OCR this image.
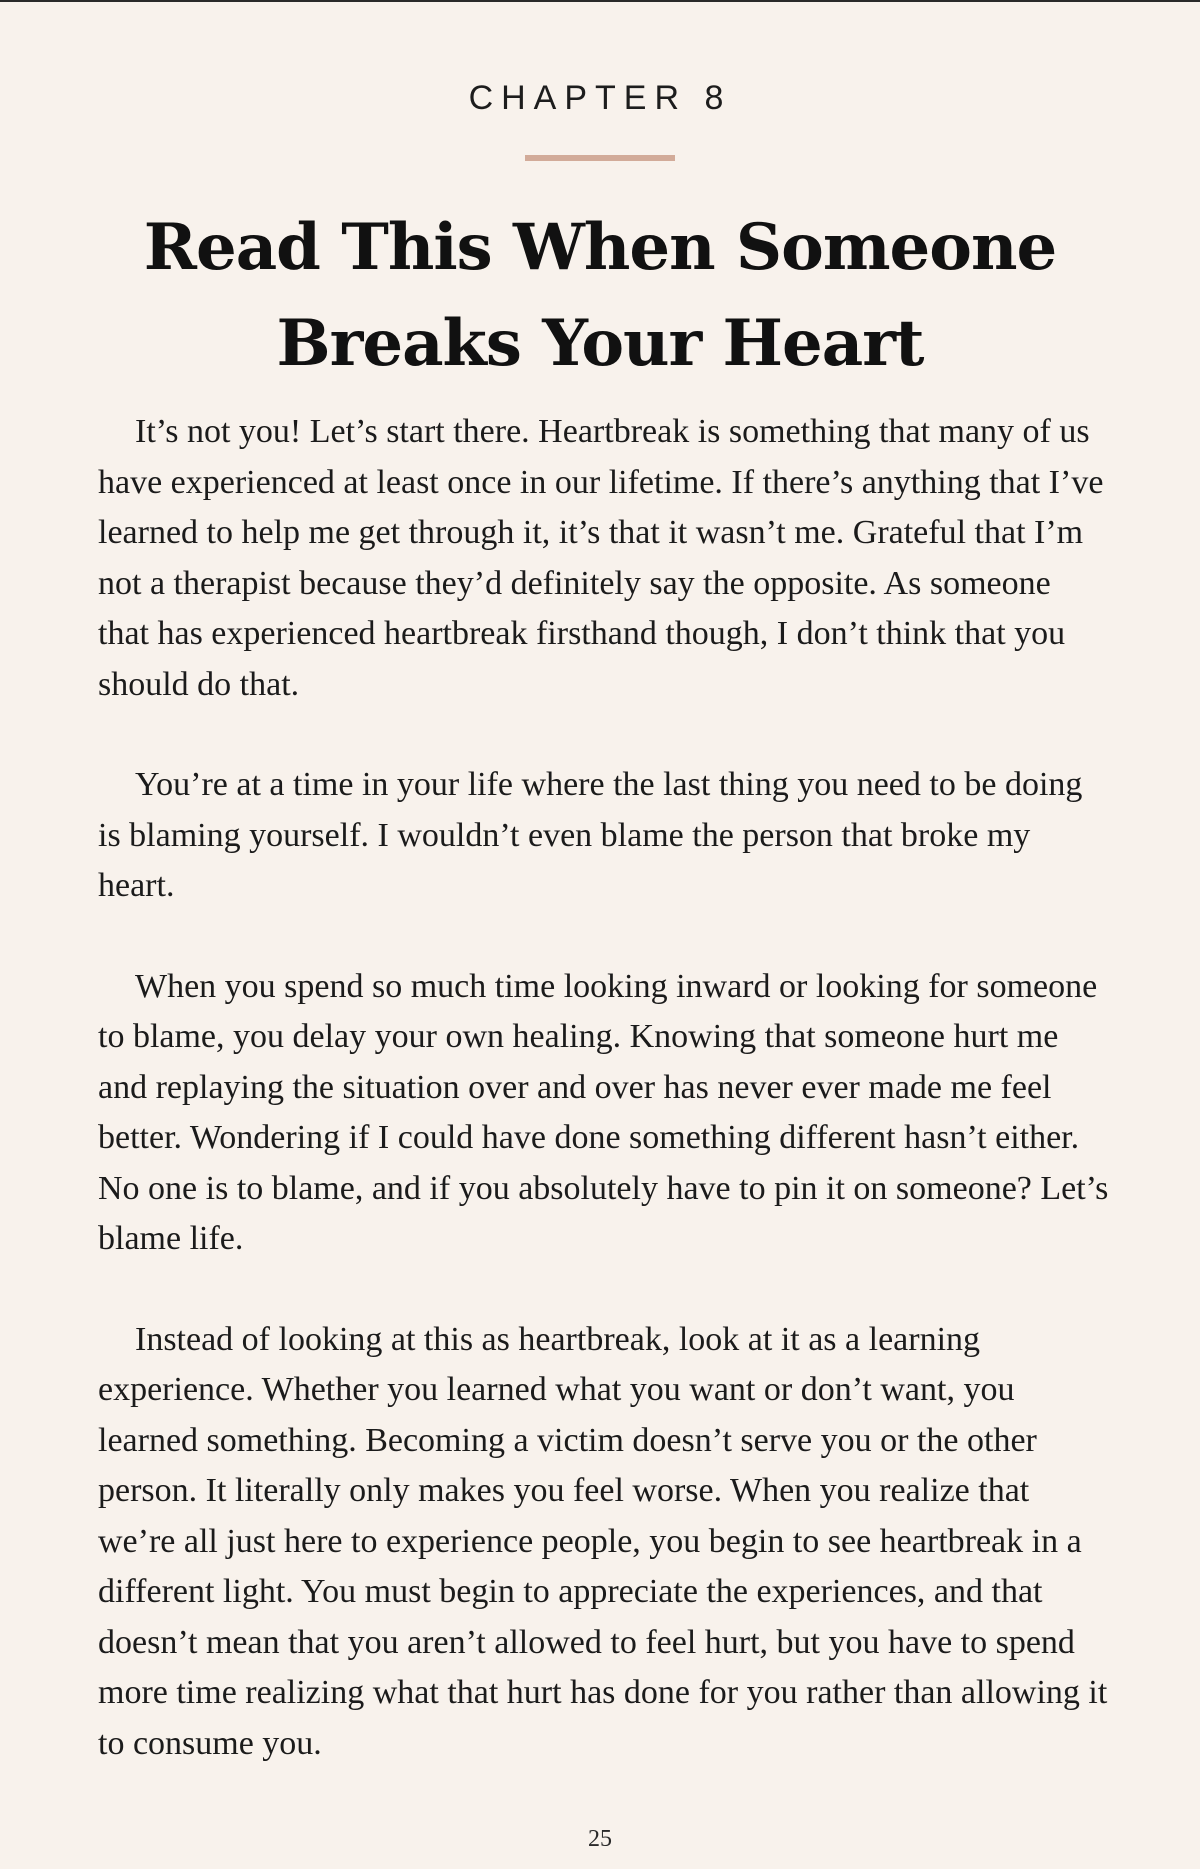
CHAPTER 8
Read This When Someone Breaks Your Heart

It’s not you! Let’s start there. Heartbreak is something that many of us have experienced at least once in our lifetime. If there’s anything that I’ve learned to help me get through it, it’s that it wasn’t me. Grateful that I’m not a therapist because they’d definitely say the opposite. As someone that has experienced heartbreak firsthand though, I don’t think that you should do that.

You’re at a time in your life where the last thing you need to be doing is blaming yourself. I wouldn’t even blame the person that broke my heart.

When you spend so much time looking inward or looking for someone to blame, you delay your own healing. Knowing that someone hurt me and replaying the situation over and over has never ever made me feel better. Wondering if I could have done something different hasn’t either. No one is to blame, and if you absolutely have to pin it on someone? Let’s blame life.

Instead of looking at this as heartbreak, look at it as a learning experience. Whether you learned what you want or don’t want, you learned something. Becoming a victim doesn’t serve you or the other person. It literally only makes you feel worse. When you realize that we’re all just here to experience people, you begin to see heartbreak in a different light. You must begin to appreciate the experiences, and that doesn’t mean that you aren’t allowed to feel hurt, but you have to spend more time realizing what that hurt has done for you rather than allowing it to consume you.

25
